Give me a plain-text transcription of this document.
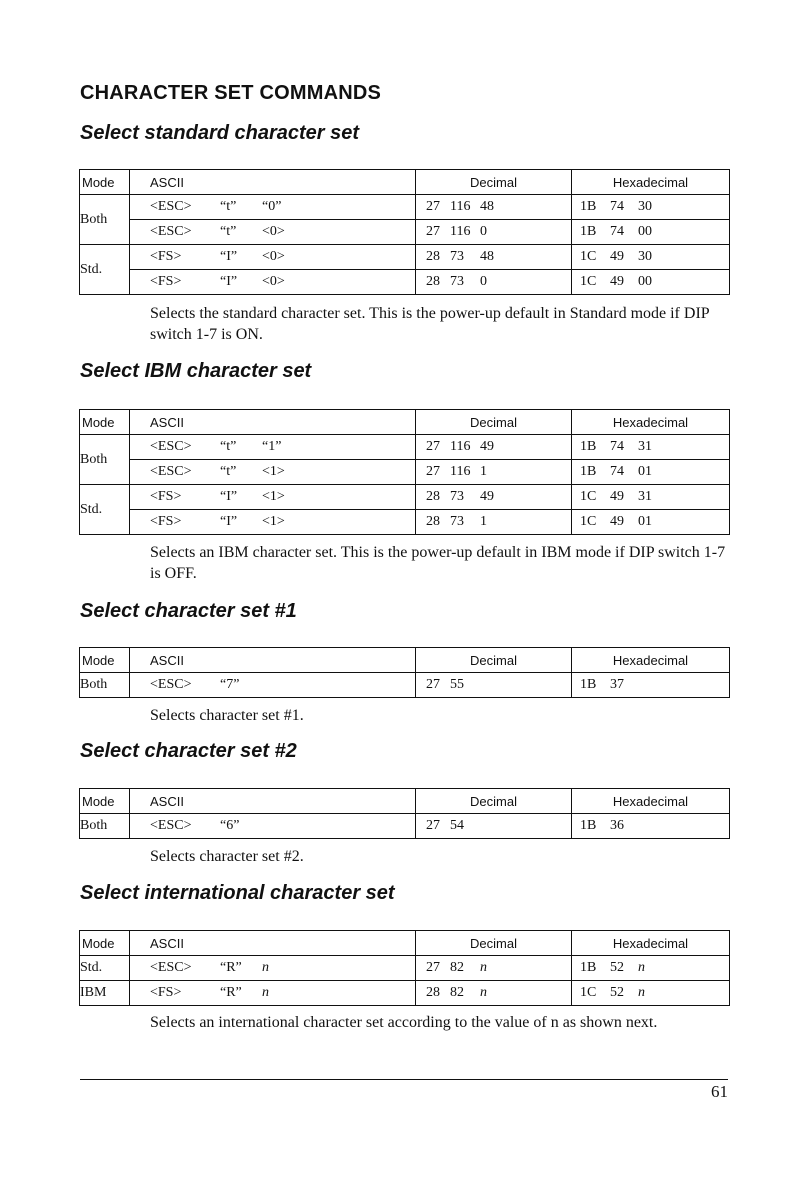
CHARACTER SET COMMANDS
Select standard character set
Mode	ASCII	Decimal	Hexadecimal
Both	<ESC> “t” “0”	27 116 48	1B 74 30

	<ESC> “t” <0>	27 116 0	1B 74 00

Std.	<FS> “I” <0>	28 73 48	1C 49 30

	<FS> “I” <0>	28 73 0	1C 49 00

Selects the standard character set. This is the power-up default in Standard mode if DIP switch 1-7 is ON.

Select IBM character set
Mode	ASCII	Decimal	Hexadecimal
Both	<ESC> “t” “1”	27 116 49	1B 74 31

	<ESC> “t” <1>	27 116 1	1B 74 01

Std.	<FS> “I” <1>	28 73 49	1C 49 31

	<FS> “I” <1>	28 73 1	1C 49 01

Selects an IBM character set. This is the power-up default in IBM mode if DIP switch 1-7 is OFF.

Select character set #1
Mode	ASCII	Decimal	Hexadecimal
Both	<ESC> “7”	27 55	1B 37

Selects character set #1.

Select character set #2
Mode	ASCII	Decimal	Hexadecimal
Both	<ESC> “6”	27 54	1B 36

Selects character set #2.

Select international character set
Mode	ASCII	Decimal	Hexadecimal
Std.	<ESC> “R” n	27 82 n	1B 52 n

IBM	<FS> “R” n	28 82 n	1C 52 n

Selects an international character set according to the value of n as shown next.

61
